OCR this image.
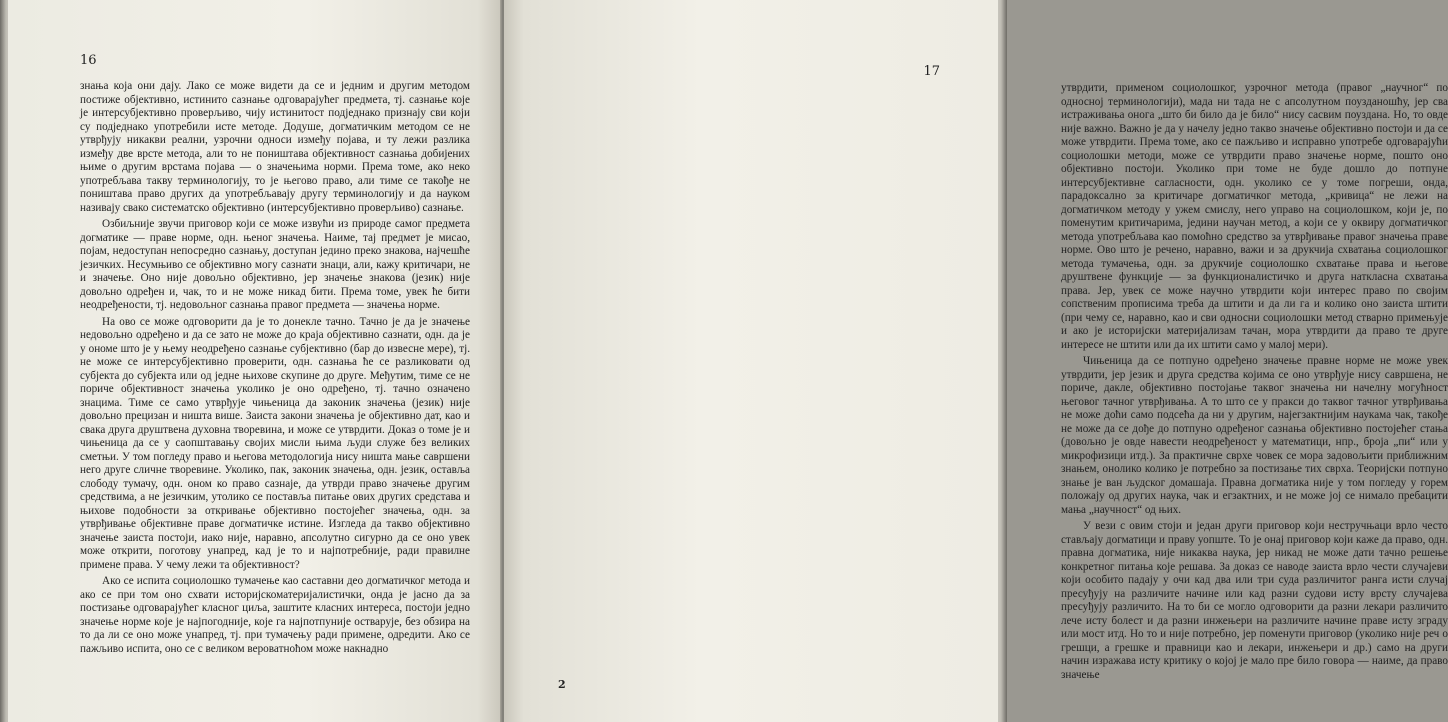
16

знања која они дају. Лако се може видети да се и једним и другим методом постиже објективно, истинито сазнање одговарајућег предмета, тј. сазнање које је интерсубјективно проверљиво, чију истинитост подједнако признају сви који су подједнако употребили исте методе. Додуше, догматичким методом се не утврђују никакви реални, узрочни односи између појава, и ту лежи разлика између две врсте метода, али то не поништава објективност сазнања добијених њиме о другим врстама појава — о значењима норми. Према томе, ако неко употребљава такву терминологију, то је његово право, али тиме се такође не поништава право других да употребљавају другу терминологију и да науком називају свако систематско објективно (интерсубјективно проверљиво) сазнање.

Озбиљније звучи приговор који се може извући из природе самог предмета догматике — праве норме, одн. њеног значења. Наиме, тај предмет је мисао, појам, недоступан непосредно сазнању, доступан једино преко знакова, најчешће језичких. Несумњиво се објективно могу сазнати знаци, али, кажу критичари, не и значење. Оно није довољно објективно, јер значење знакова (језик) није довољно одређен и, чак, то и не може никад бити. Према томе, увек ће бити неодређености, тј. недовољног сазнања правог предмета — значења норме.

На ово се може одговорити да је то донекле тачно. Тачно је да је значење недовољно одређено и да се зато не може до краја објективно сазнати, одн. да је у ономе што је у њему неодређено сазнање субјективно (бар до извесне мере), тј. не може се интерсубјективно проверити, одн. сазнања ће се разликовати од субјекта до субјекта или од једне њихове скупине до друге. Међутим, тиме се не пориче објективност значења уколико је оно одређено, тј. тачно означено знацима. Тиме се само утврђује чињеница да законик значења (језик) није довољно прецизан и ништа више. Заиста закони значења је објективно дат, као и свака друга друштвена духовна творевина, и може се утврдити. Доказ о томе је и чињеница да се у саопштавању својих мисли њима људи служе без великих сметњи. У том погледу право и његова методологија нису ништа мање савршени него друге сличне творевине. Уколико, пак, законик значења, одн. језик, оставља слободу тумачу, одн. оном ко право сазнаје, да утврди право значење другим средствима, а не језичким, утолико се поставља питање ових других средстава и њихове подобности за откривање објективно постојећег значења, одн. за утврђивање објективне праве догматичке истине. Изгледа да такво објективно значење заиста постоји, иако није, наравно, апсолутно сигурно да се оно увек може открити, поготову унапред, кад је то и најпотребније, ради правилне примене права. У чему лежи та објективност?

Ако се испита социолошко тумачење као саставни део догматичког метода и ако се при том оно схвати историјскоматеријалистички, онда је јасно да за постизање одговарајућег класног циља, заштите класних интереса, постоји једно значење норме које је најпогодније, које га најпотпуније остварује, без обзира на то да ли се оно може унапред, тј. при тумачењу ради примене, одредити. Ако се пажљиво испита, оно се с великом вероватноћом може накнадно

17

утврдити, применом социолошког, узрочног метода (правог „научног“ по односној терминологији), мада ни тада не с апсолутном поузданошћу, јер сва истраживања онога „што би било да је било“ нису сасвим поуздана. Но, то овде није важно. Важно је да у начелу једно такво значење објективно постоји и да се може утврдити. Према томе, ако се пажљиво и исправно употребе одговарајући социолошки методи, може се утврдити право значење норме, пошто оно објективно постоји. Уколико при томе не буде дошло до потпуне интерсубјективне сагласности, одн. уколико се у томе погреши, онда, парадоксално за критичаре догматичког метода, „кривица“ не лежи на догматичком методу у ужем смислу, него управо на социолошком, који је, по поменутим критичарима, једини научан метод, а који се у оквиру догматичког метода употребљава као помоћно средство за утврђивање правог значења праве норме. Ово што је речено, наравно, важи и за друкчија схватања социолошког метода тумачења, одн. за друкчије социолошко схватање права и његове друштвене функције — за функционалистичко и друга наткласна схватања права. Јер, увек се може научно утврдити који интерес право по својим сопственим прописима треба да штити и да ли га и колико оно заиста штити (при чему се, наравно, као и сви односни социолошки метод стварно примењује и ако је историјски материјализам тачан, мора утврдити да право те друге интересе не штити или да их штити само у малој мери).

Чињеница да се потпуно одређено значење правне норме не може увек утврдити, јер језик и друга средства којима се оно утврђује нису савршена, не пориче, дакле, објективно постојање таквог значења ни начелну могућност његовог тачног утврђивања. А то што се у пракси до таквог тачног утврђивања не може доћи само подсећа да ни у другим, најегзактнијим наукама чак, такође не може да се дође до потпуно одређеног сазнања објективно постојећег стања (довољно је овде навести неодређеност у математици, нпр., броја „пи“ или у микрофизици итд.). За практичне сврхе човек се мора задовољити приближним знањем, онолико колико је потребно за постизање тих сврха. Теоријски потпуно знање је ван људског домашаја. Правна догматика није у том погледу у горем положају од других наука, чак и егзактних, и не може јој се нимало пребацити мања „научност“ од њих.

У вези с овим стоји и један други приговор који нестручњаци врло често стављају догматици и праву уопште. То је онај приговор који каже да право, одн. правна догматика, није никаква наука, јер никад не може дати тачно решење конкретног питања које решава. За доказ се наводе заиста врло чести случајеви који особито падају у очи кад два или три суда различитог ранга исти случај пресуђују на различите начине или кад разни судови исту врсту случајева пресуђују различито. На то би се могло одговорити да разни лекари различито лече исту болест и да разни инжењери на различите начине праве исту зграду или мост итд. Но то и није потребно, јер поменути приговор (уколико није реч о грешци, а грешке и правници као и лекари, инжењери и др.) само на други начин изражава исту критику о којој је мало пре било говора — наиме, да право значење

2
